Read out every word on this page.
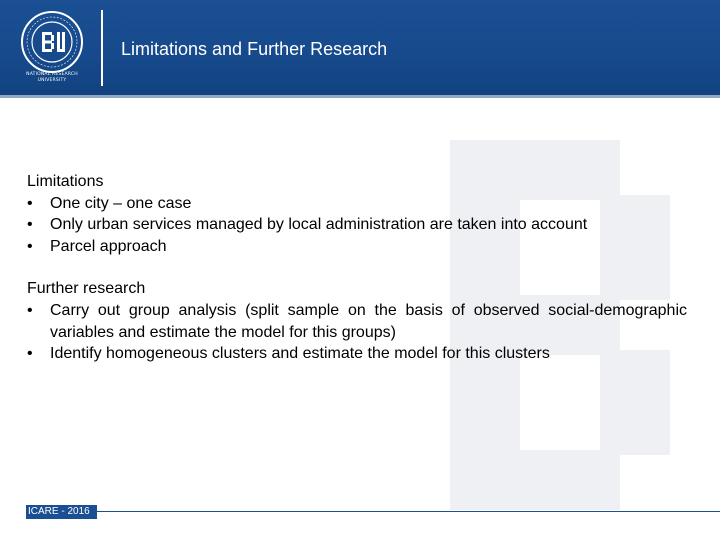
NATIONAL RESEARCH
UNIVERSITY
Limitations and Further Research
Limitations
• One city – one case
• Only urban services managed by local administration are taken into account
• Parcel approach
Further research
• Carry out group analysis (split sample on the basis of observed social-demographic variables and estimate the model for this groups)
• Identify homogeneous clusters and estimate the model for this clusters
ICARE - 2016
